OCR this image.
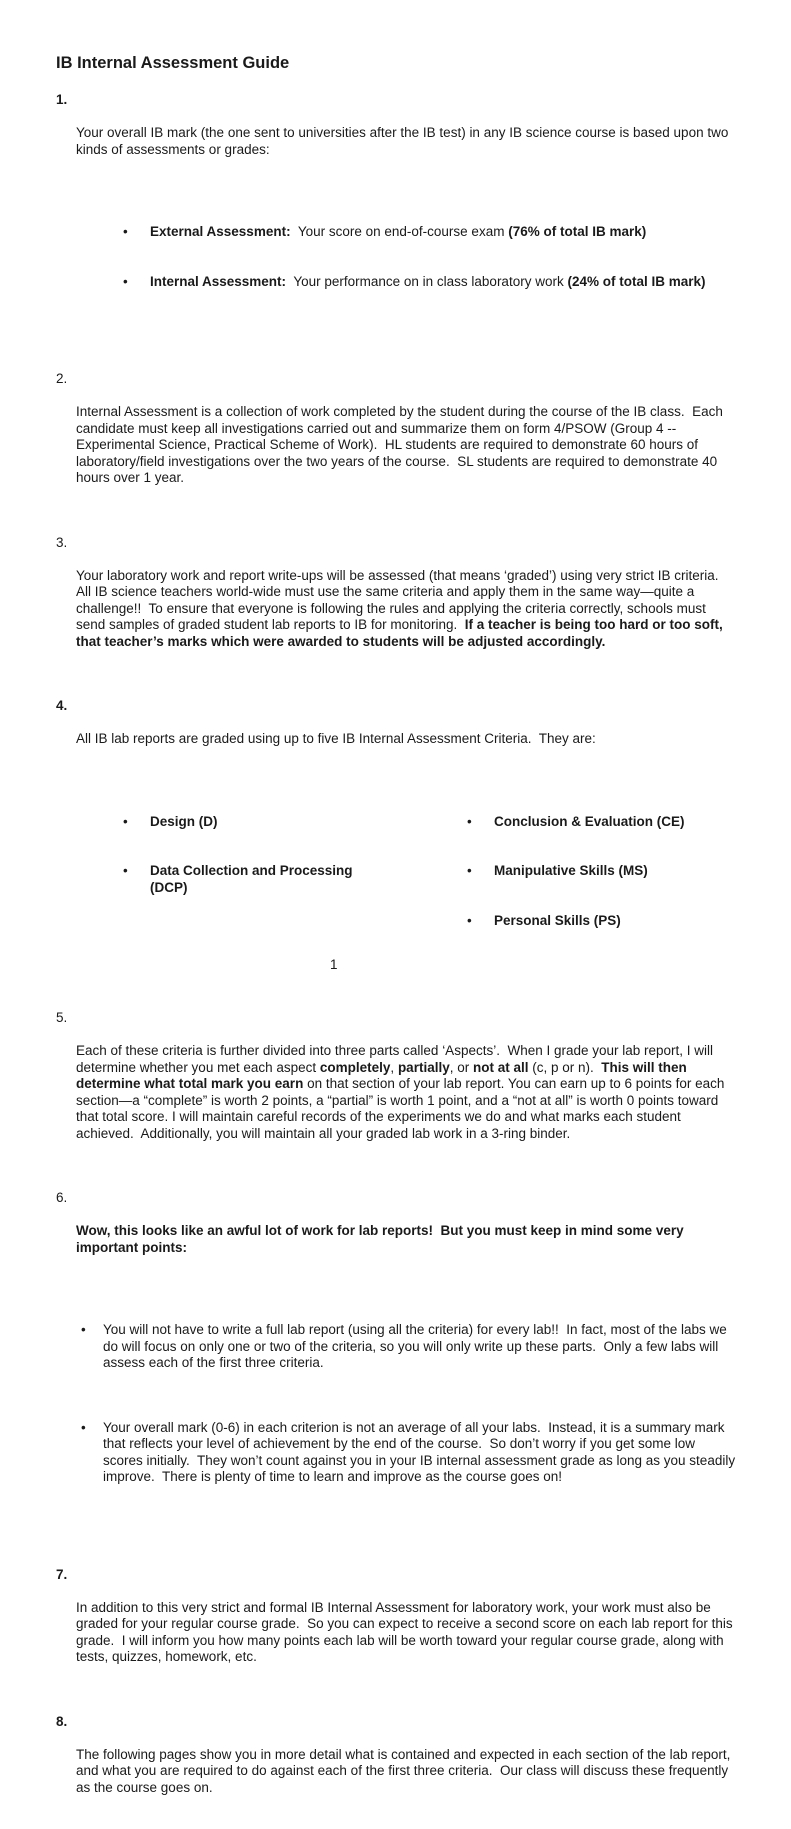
IB Internal Assessment Guide
1.

Your overall IB mark (the one sent to universities after the IB test) in any IB science course is based upon two kinds of assessments or grades:

•	External Assessment:  Your score on end-of-course exam (76% of total IB mark)

•	Internal Assessment:  Your performance on in class laboratory work (24% of total IB mark)

2.

Internal Assessment is a collection of work completed by the student during the course of the IB class.  Each candidate must keep all investigations carried out and summarize them on form 4/PSOW (Group 4 -- Experimental Science, Practical Scheme of Work).  HL students are required to demonstrate 60 hours of laboratory/field investigations over the two years of the course.  SL students are required to demonstrate 40 hours over 1 year.

3.

Your laboratory work and report write-ups will be assessed (that means ‘graded’) using very strict IB criteria.  All IB science teachers world-wide must use the same criteria and apply them in the same way—quite a challenge!!  To ensure that everyone is following the rules and applying the criteria correctly, schools must send samples of graded student lab reports to IB for monitoring.  If a teacher is being too hard or too soft, that teacher’s marks which were awarded to students will be adjusted accordingly.

4.

All IB lab reports are graded using up to five IB Internal Assessment Criteria.  They are:

•	Design (D)

•	Data Collection and Processing
(DCP)

•	Conclusion & Evaluation (CE)

•	Manipulative Skills (MS)

•	Personal Skills (PS)

5.

Each of these criteria is further divided into three parts called ‘Aspects’.  When I grade your lab report, I will determine whether you met each aspect completely, partially, or not at all (c, p or n).  This will then determine what total mark you earn on that section of your lab report. You can earn up to 6 points for each section—a “complete” is worth 2 points, a “partial” is worth 1 point, and a “not at all” is worth 0 points toward that total score. I will maintain careful records of the experiments we do and what marks each student achieved.  Additionally, you will maintain all your graded lab work in a 3-ring binder.

6.

Wow, this looks like an awful lot of work for lab reports!  But you must keep in mind some very important points:

•	You will not have to write a full lab report (using all the criteria) for every lab!!  In fact, most of the labs we do will focus on only one or two of the criteria, so you will only write up these parts.  Only a few labs will assess each of the first three criteria.

•	Your overall mark (0-6) in each criterion is not an average of all your labs.  Instead, it is a summary mark that reflects your level of achievement by the end of the course.  So don’t worry if you get some low scores initially.  They won’t count against you in your IB internal assessment grade as long as you steadily improve.  There is plenty of time to learn and improve as the course goes on!

7.

In addition to this very strict and formal IB Internal Assessment for laboratory work, your work must also be graded for your regular course grade.  So you can expect to receive a second score on each lab report for this grade.  I will inform you how many points each lab will be worth toward your regular course grade, along with tests, quizzes, homework, etc.

8.

The following pages show you in more detail what is contained and expected in each section of the lab report, and what you are required to do against each of the first three criteria.  Our class will discuss these frequently as the course goes on.

1
